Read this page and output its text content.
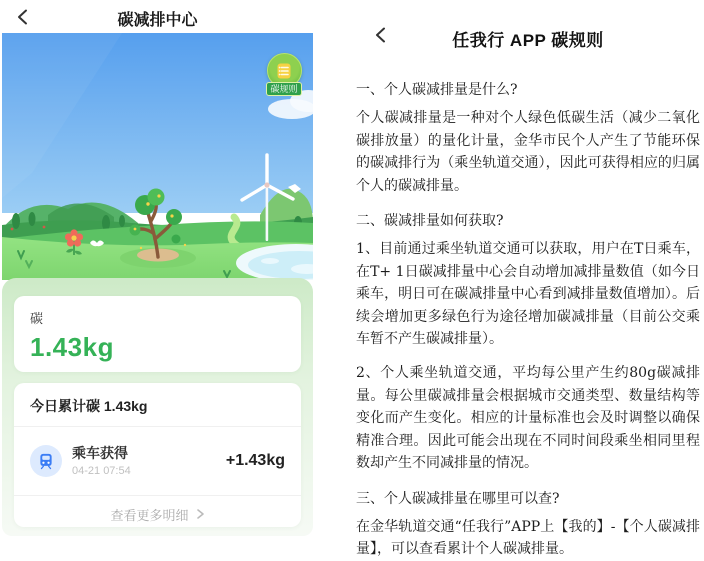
碳减排中心
碳规则
碳
1.43kg
今日累计碳 1.43kg
乘车获得
04-21 07:54
+1.43kg
查看更多明细
任我行 APP 碳规则
一、个人碳减排量是什么?

个人碳减排量是一种对个人绿色低碳生活（减少二氧化碳排放量）的量化计量，金华市民个人产生了节能环保的碳减排行为（乘坐轨道交通），因此可获得相应的归属个人的碳减排量。

二、碳减排量如何获取?

1、目前通过乘坐轨道交通可以获取，用户在T日乘车，在T+ 1日碳减排量中心会自动增加减排量数值（如今日乘车，明日可在碳减排量中心看到减排量数值增加）。后续会增加更多绿色行为途径增加碳减排量（目前公交乘车暂不产生碳减排量）。

2、个人乘坐轨道交通，平均每公里产生约80g碳减排量。每公里碳减排量会根据城市交通类型、数量结构等变化而产生变化。相应的计量标准也会及时调整以确保精准合理。因此可能会出现在不同时间段乘坐相同里程数却产生不同减排量的情况。

三、个人碳减排量在哪里可以查?

在金华轨道交通“任我行”APP上【我的】-【个人碳减排量】，可以查看累计个人碳减排量。
